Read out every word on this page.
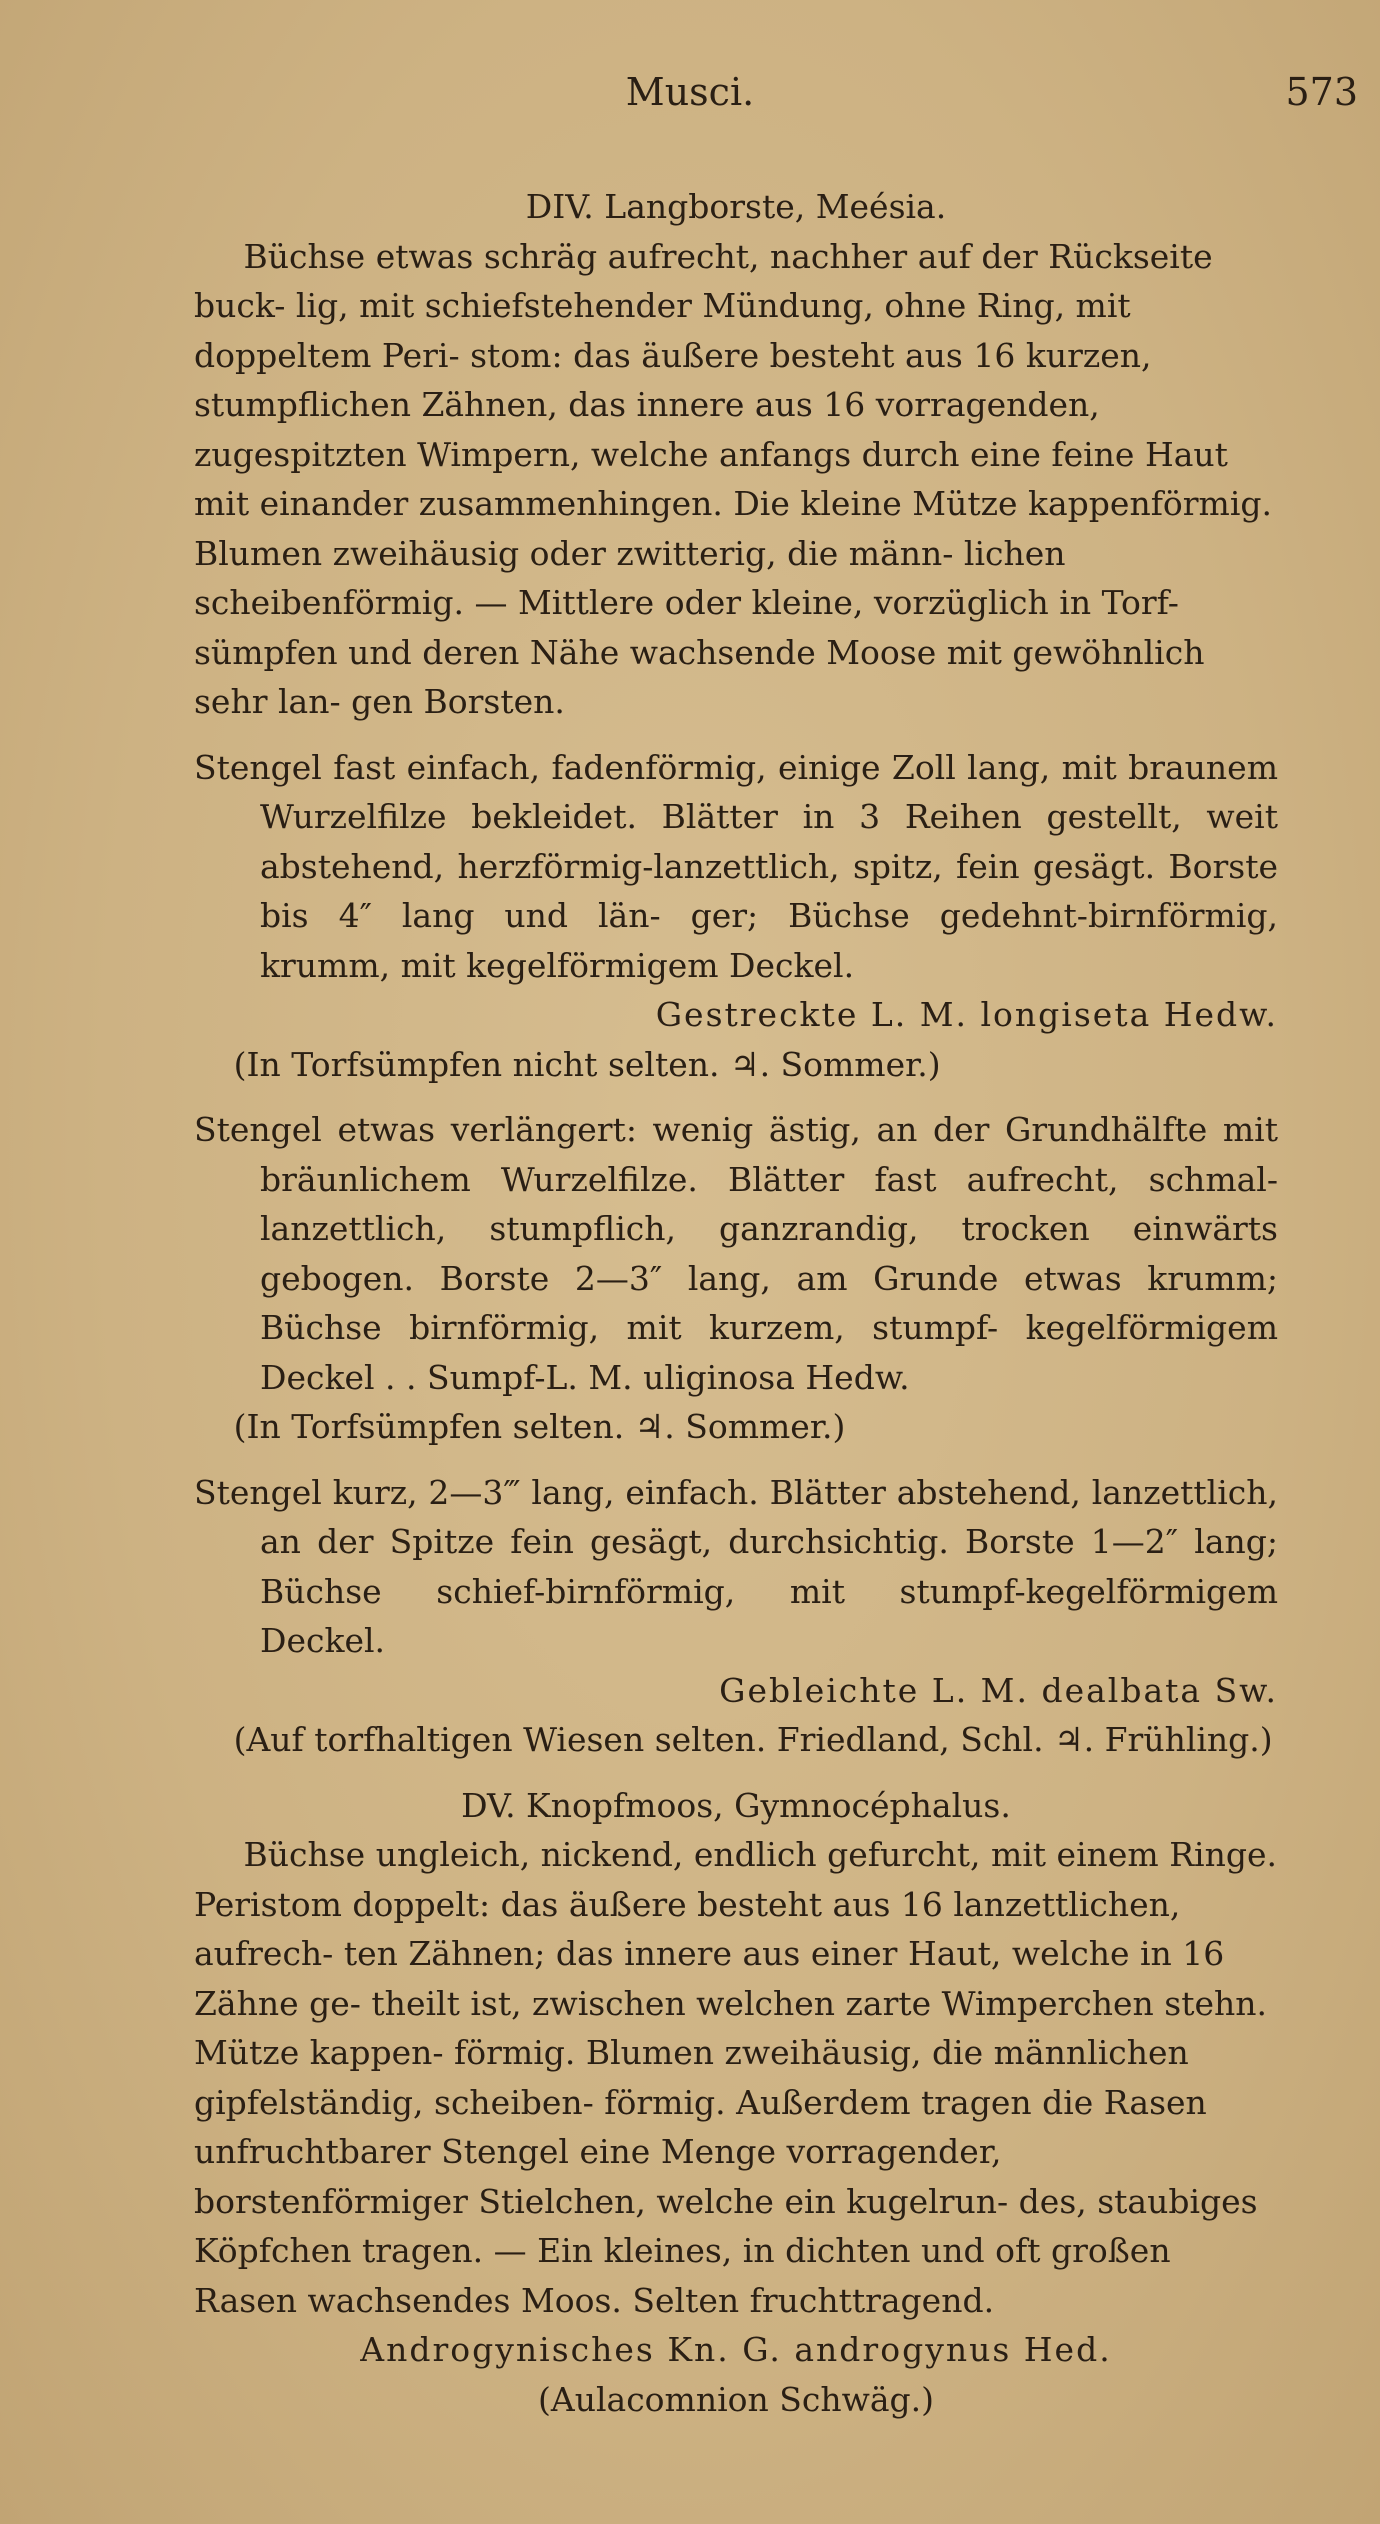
Musci.	573

DIV. Langborste, Meésia.

Büchse etwas schräg aufrecht, nachher auf der Rückseite buck- lig, mit schiefstehender Mündung, ohne Ring, mit doppeltem Peri- stom: das äußere besteht aus 16 kurzen, stumpflichen Zähnen, das innere aus 16 vorragenden, zugespitzten Wimpern, welche anfangs durch eine feine Haut mit einander zusammenhingen. Die kleine Mütze kappenförmig. Blumen zweihäusig oder zwitterig, die männ- lichen scheibenförmig. — Mittlere oder kleine, vorzüglich in Torf- sümpfen und deren Nähe wachsende Moose mit gewöhnlich sehr lan- gen Borsten.

Stengel fast einfach, fadenförmig, einige Zoll lang, mit braunem Wurzelfilze bekleidet. Blätter in 3 Reihen gestellt, weit abstehend, herzförmig-lanzettlich, spitz, fein gesägt. Borste bis 4″ lang und län- ger; Büchse gedehnt-birnförmig, krumm, mit kegelförmigem Deckel.

Gestreckte L. M. longiseta Hedw.

(In Torfsümpfen nicht selten. ♃. Sommer.)

Stengel etwas verlängert: wenig ästig, an der Grundhälfte mit bräunlichem Wurzelfilze. Blätter fast aufrecht, schmal-lanzettlich, stumpflich, ganzrandig, trocken einwärts gebogen. Borste 2—3″ lang, am Grunde etwas krumm; Büchse birnförmig, mit kurzem, stumpf- kegelförmigem Deckel . . Sumpf-L. M. uliginosa Hedw.

(In Torfsümpfen selten. ♃. Sommer.)

Stengel kurz, 2—3‴ lang, einfach. Blätter abstehend, lanzettlich, an der Spitze fein gesägt, durchsichtig. Borste 1—2″ lang; Büchse schief-birnförmig, mit stumpf-kegelförmigem Deckel.

Gebleichte L. M. dealbata Sw.

(Auf torfhaltigen Wiesen selten. Friedland, Schl. ♃. Frühling.)

DV. Knopfmoos, Gymnocéphalus.

Büchse ungleich, nickend, endlich gefurcht, mit einem Ringe. Peristom doppelt: das äußere besteht aus 16 lanzettlichen, aufrech- ten Zähnen; das innere aus einer Haut, welche in 16 Zähne ge- theilt ist, zwischen welchen zarte Wimperchen stehn. Mütze kappen- förmig. Blumen zweihäusig, die männlichen gipfelständig, scheiben- förmig. Außerdem tragen die Rasen unfruchtbarer Stengel eine Menge vorragender, borstenförmiger Stielchen, welche ein kugelrun- des, staubiges Köpfchen tragen. — Ein kleines, in dichten und oft großen Rasen wachsendes Moos. Selten fruchttragend.

Androgynisches Kn. G. androgynus Hed.

(Aulacomnion Schwäg.)
